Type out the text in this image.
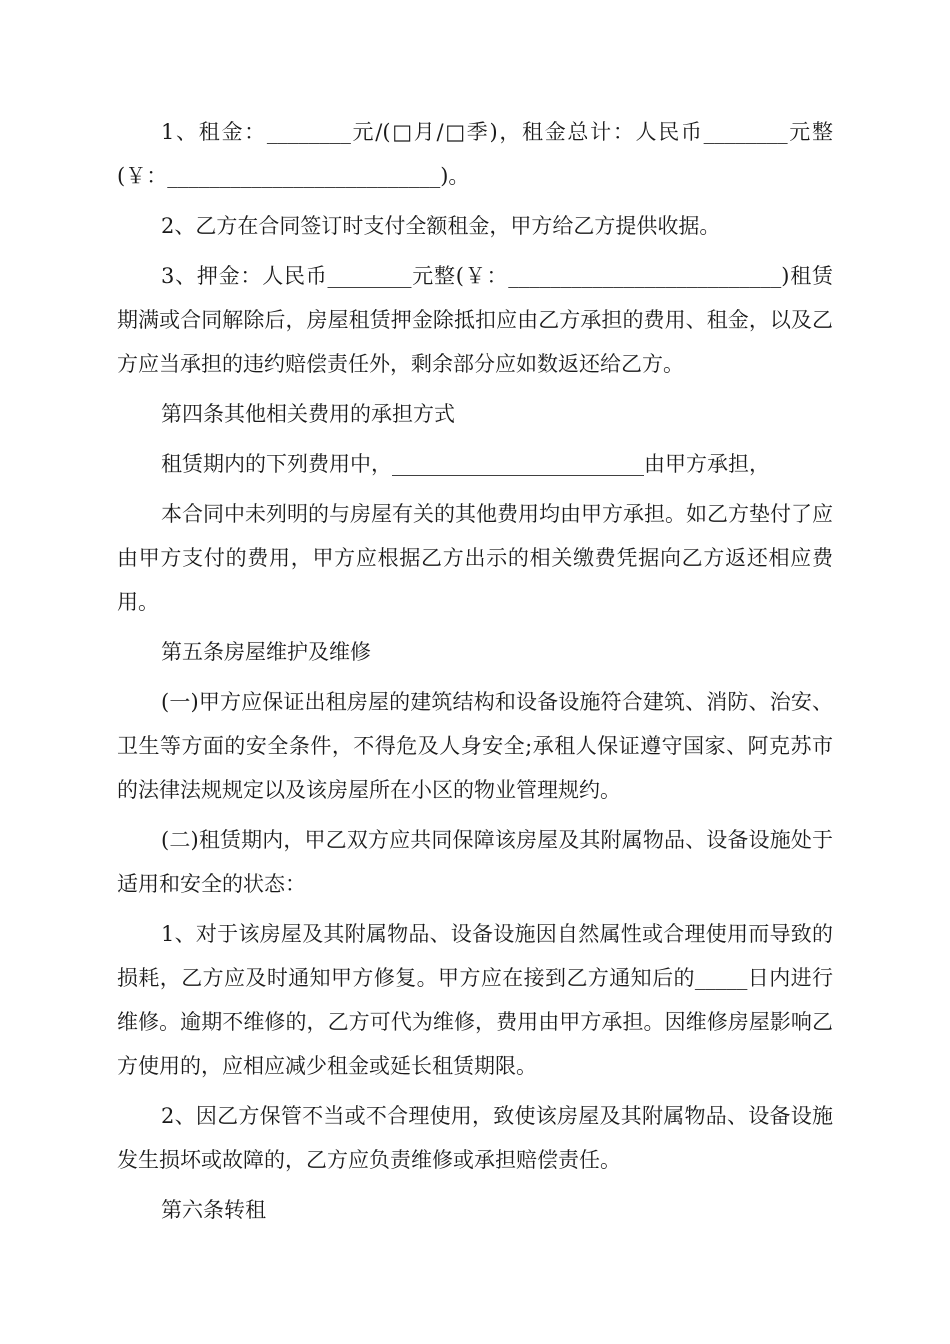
1、租金：________元/(□月/□季)，租金总计：人民币________元整(￥：__________________________)。

2、乙方在合同签订时支付全额租金，甲方给乙方提供收据。

3、押金：人民币________元整(￥：__________________________)租赁期满或合同解除后，房屋租赁押金除抵扣应由乙方承担的费用、租金，以及乙方应当承担的违约赔偿责任外，剩余部分应如数返还给乙方。

第四条其他相关费用的承担方式

租赁期内的下列费用中，________________________由甲方承担，

本合同中未列明的与房屋有关的其他费用均由甲方承担。如乙方垫付了应由甲方支付的费用，甲方应根据乙方出示的相关缴费凭据向乙方返还相应费用。

第五条房屋维护及维修

(一)甲方应保证出租房屋的建筑结构和设备设施符合建筑、消防、治安、卫生等方面的安全条件，不得危及人身安全;承租人保证遵守国家、阿克苏市的法律法规规定以及该房屋所在小区的物业管理规约。

(二)租赁期内，甲乙双方应共同保障该房屋及其附属物品、设备设施处于适用和安全的状态：

1、对于该房屋及其附属物品、设备设施因自然属性或合理使用而导致的损耗，乙方应及时通知甲方修复。甲方应在接到乙方通知后的_____日内进行维修。逾期不维修的，乙方可代为维修，费用由甲方承担。因维修房屋影响乙方使用的，应相应减少租金或延长租赁期限。

2、因乙方保管不当或不合理使用，致使该房屋及其附属物品、设备设施发生损坏或故障的，乙方应负责维修或承担赔偿责任。

第六条转租
